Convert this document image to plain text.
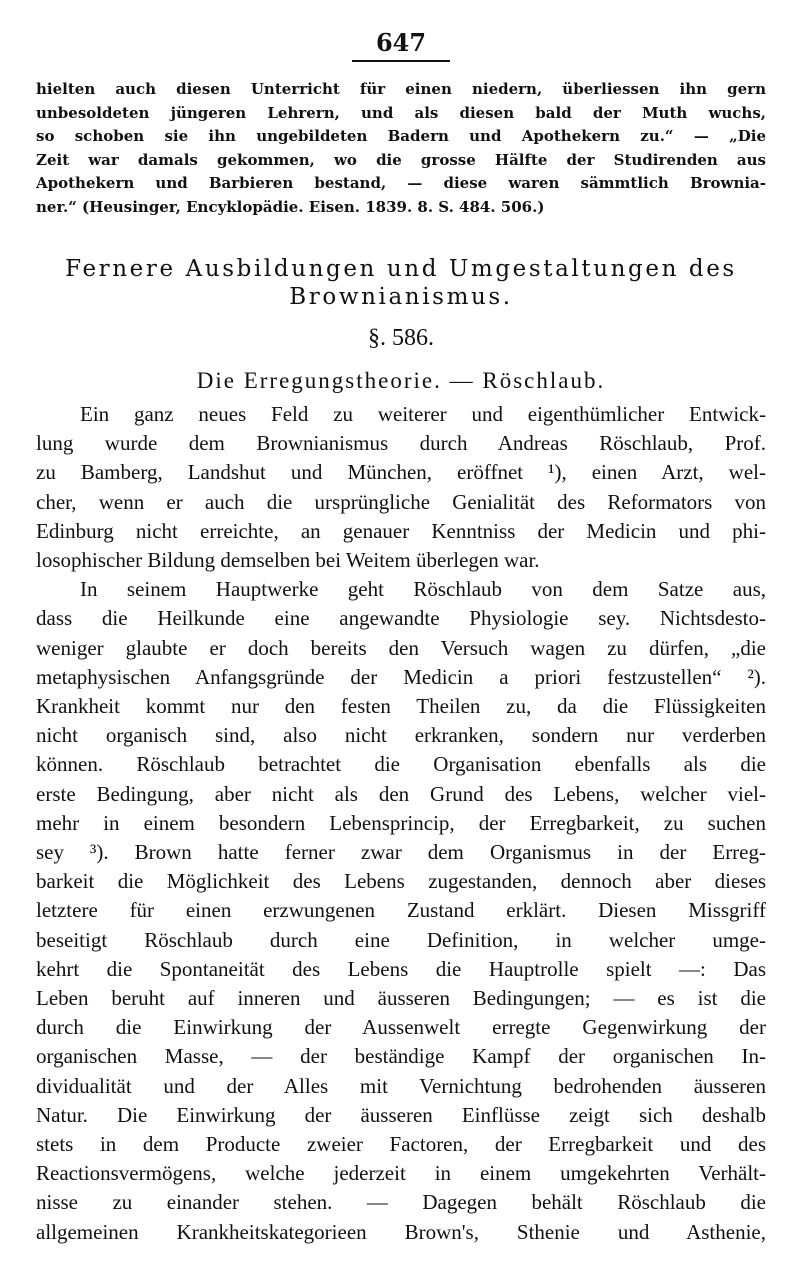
647
hielten auch diesen Unterricht für einen niedern, überliessen ihn gern
unbesoldeten jüngeren Lehrern, und als diesen bald der Muth wuchs,
so schoben sie ihn ungebildeten Badern und Apothekern zu.“ — „Die
Zeit war damals gekommen, wo die grosse Hälfte der Studirenden aus
Apothekern und Barbieren bestand, — diese waren sämmtlich Brownia-
ner.“ (Heusinger, Encyklopädie. Eisen. 1839. 8. S. 484. 506.)
Fernere Ausbildungen und Umgestaltungen des
Brownianismus.
§. 586.
Die Erregungstheorie. — Röschlaub.
Ein ganz neues Feld zu weiterer und eigenthümlicher Entwick-
lung wurde dem Brownianismus durch Andreas Röschlaub, Prof.
zu Bamberg, Landshut und München, eröffnet ¹), einen Arzt, wel-
cher, wenn er auch die ursprüngliche Genialität des Reformators von
Edinburg nicht erreichte, an genauer Kenntniss der Medicin und phi-
losophischer Bildung demselben bei Weitem überlegen war.
In seinem Hauptwerke geht Röschlaub von dem Satze aus,
dass die Heilkunde eine angewandte Physiologie sey. Nichtsdesto-
weniger glaubte er doch bereits den Versuch wagen zu dürfen, „die
metaphysischen Anfangsgründe der Medicin a priori festzustellen“ ²).
Krankheit kommt nur den festen Theilen zu, da die Flüssigkeiten
nicht organisch sind, also nicht erkranken, sondern nur verderben
können. Röschlaub betrachtet die Organisation ebenfalls als die
erste Bedingung, aber nicht als den Grund des Lebens, welcher viel-
mehr in einem besondern Lebensprincip, der Erregbarkeit, zu suchen
sey ³). Brown hatte ferner zwar dem Organismus in der Erreg-
barkeit die Möglichkeit des Lebens zugestanden, dennoch aber dieses
letztere für einen erzwungenen Zustand erklärt. Diesen Missgriff
beseitigt Röschlaub durch eine Definition, in welcher umge-
kehrt die Spontaneität des Lebens die Hauptrolle spielt —: Das
Leben beruht auf inneren und äusseren Bedingungen; — es ist die
durch die Einwirkung der Aussenwelt erregte Gegenwirkung der
organischen Masse, — der beständige Kampf der organischen In-
dividualität und der Alles mit Vernichtung bedrohenden äusseren
Natur. Die Einwirkung der äusseren Einflüsse zeigt sich deshalb
stets in dem Producte zweier Factoren, der Erregbarkeit und des
Reactionsvermögens, welche jederzeit in einem umgekehrten Verhält-
nisse zu einander stehen. — Dagegen behält Röschlaub die
allgemeinen Krankheitskategorieen Brown's, Sthenie und Asthenie,
